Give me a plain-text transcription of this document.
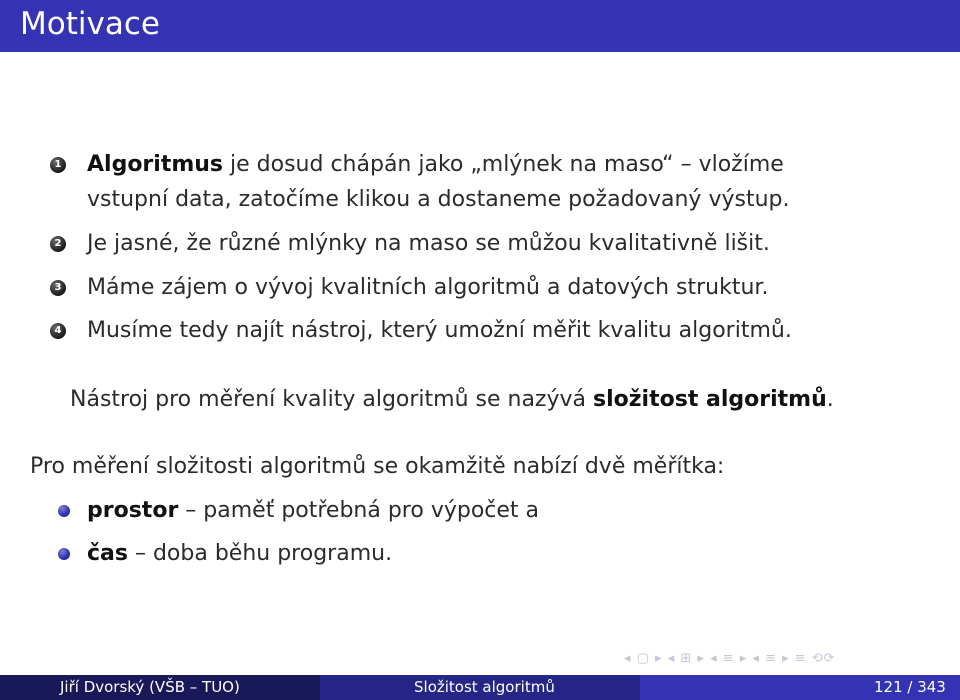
Motivace
1 Algoritmus je dosud chápán jako „mlýnek na maso“ – vložíme
vstupní data, zatočíme klikou a dostaneme požadovaný výstup.
2 Je jasné, že různé mlýnky na maso se můžou kvalitativně lišit.
3 Máme zájem o vývoj kvalitních algoritmů a datových struktur.
4 Musíme tedy najít nástroj, který umožní měřit kvalitu algoritmů.
Nástroj pro měření kvality algoritmů se nazývá složitost algoritmů.
Pro měření složitosti algoritmů se okamžitě nabízí dvě měřítka:
prostor – paměť potřebná pro výpočet a
čas – doba běhu programu.
◂ ▢ ▸ ◂ ⊞ ▸ ◂ ≡ ▸ ◂ ≡ ▸ ≡ ⟲⟳
Jiří Dvorský (VŠB – TUO)	Složitost algoritmů	121 / 343
